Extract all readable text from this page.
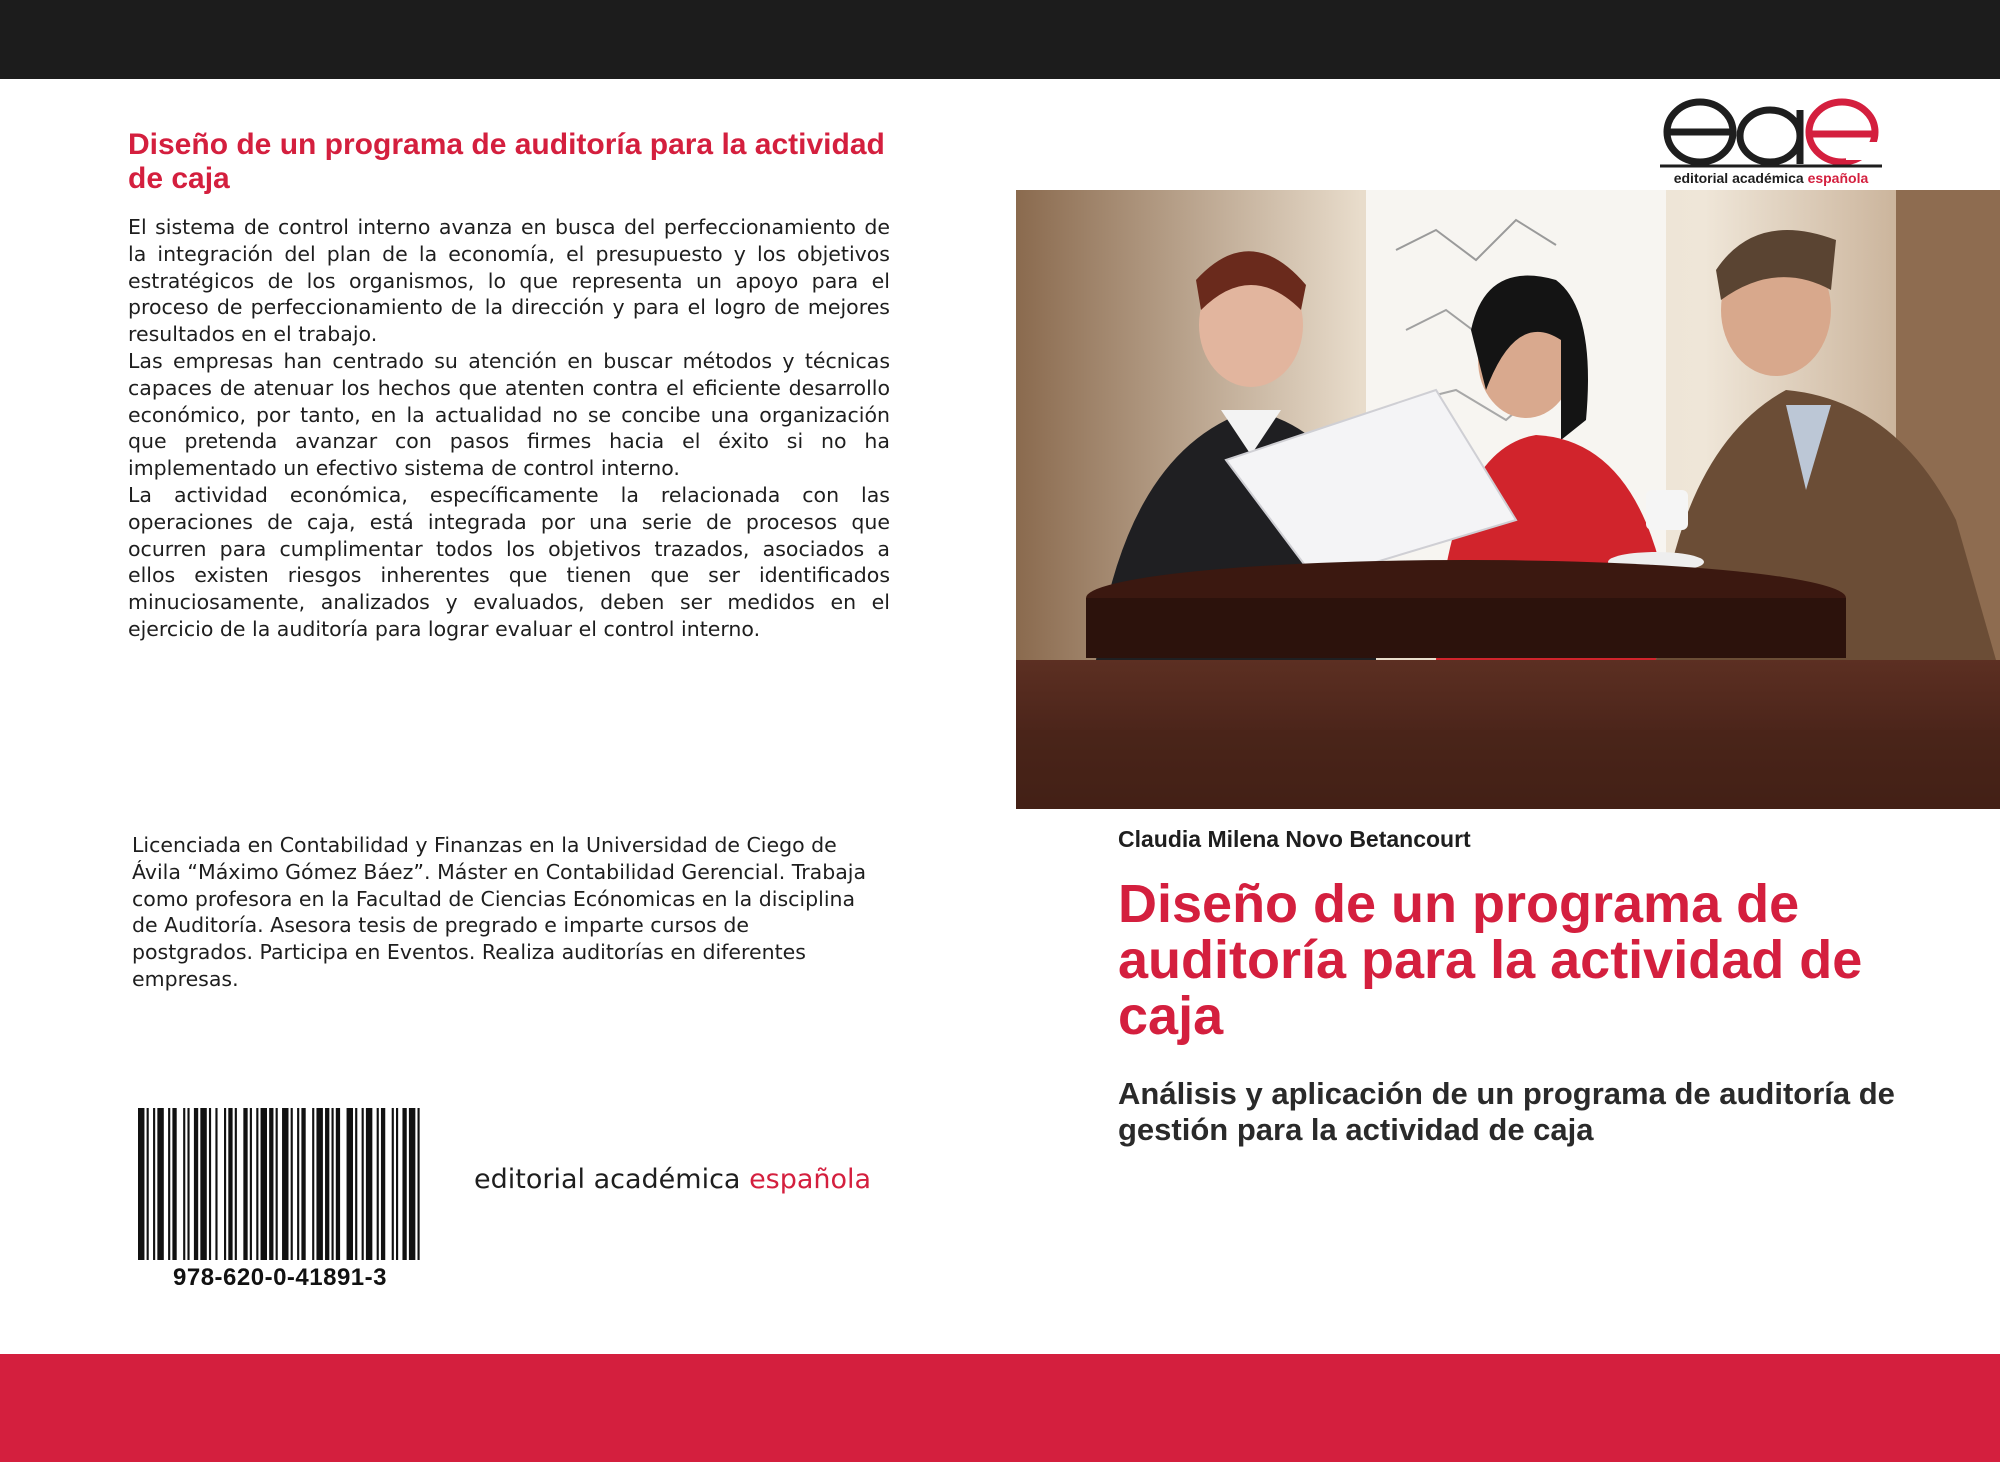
Diseño de un programa de auditoría para la actividad de caja

El sistema de control interno avanza en busca del perfeccionamiento de la integración del plan de la economía, el presupuesto y los objetivos estratégicos de los organismos, lo que representa un apoyo para el proceso de perfeccionamiento de la dirección y para el logro de mejores resultados en el trabajo.

Las empresas han centrado su atención en buscar métodos y técnicas capaces de atenuar los hechos que atenten contra el eficiente desarrollo económico, por tanto, en la actualidad no se concibe una organización que pretenda avanzar con pasos firmes hacia el éxito si no ha implementado un efectivo sistema de control interno.

La actividad económica, específicamente la relacionada con las operaciones de caja, está integrada por una serie de procesos que ocurren para cumplimentar todos los objetivos trazados, asociados a ellos existen riesgos inherentes que tienen que ser identificados minuciosamente, analizados y evaluados, deben ser medidos en el ejercicio de la auditoría para lograr evaluar el control interno.

Licenciada en Contabilidad y Finanzas en la Universidad de Ciego de Ávila “Máximo Gómez Báez”. Máster en Contabilidad Gerencial. Trabaja como profesora en la Facultad de Ciencias Ecónomicas en la disciplina de Auditoría. Asesora tesis de pregrado e imparte cursos de postgrados. Participa en Eventos. Realiza auditorías en diferentes empresas.

978-620-0-41891-3
editorial académica española
editorial académica española
Claudia Milena Novo Betancourt
Diseño de un programa de auditoría para la actividad de caja
Análisis y aplicación de un programa de auditoría de gestión para la actividad de caja
